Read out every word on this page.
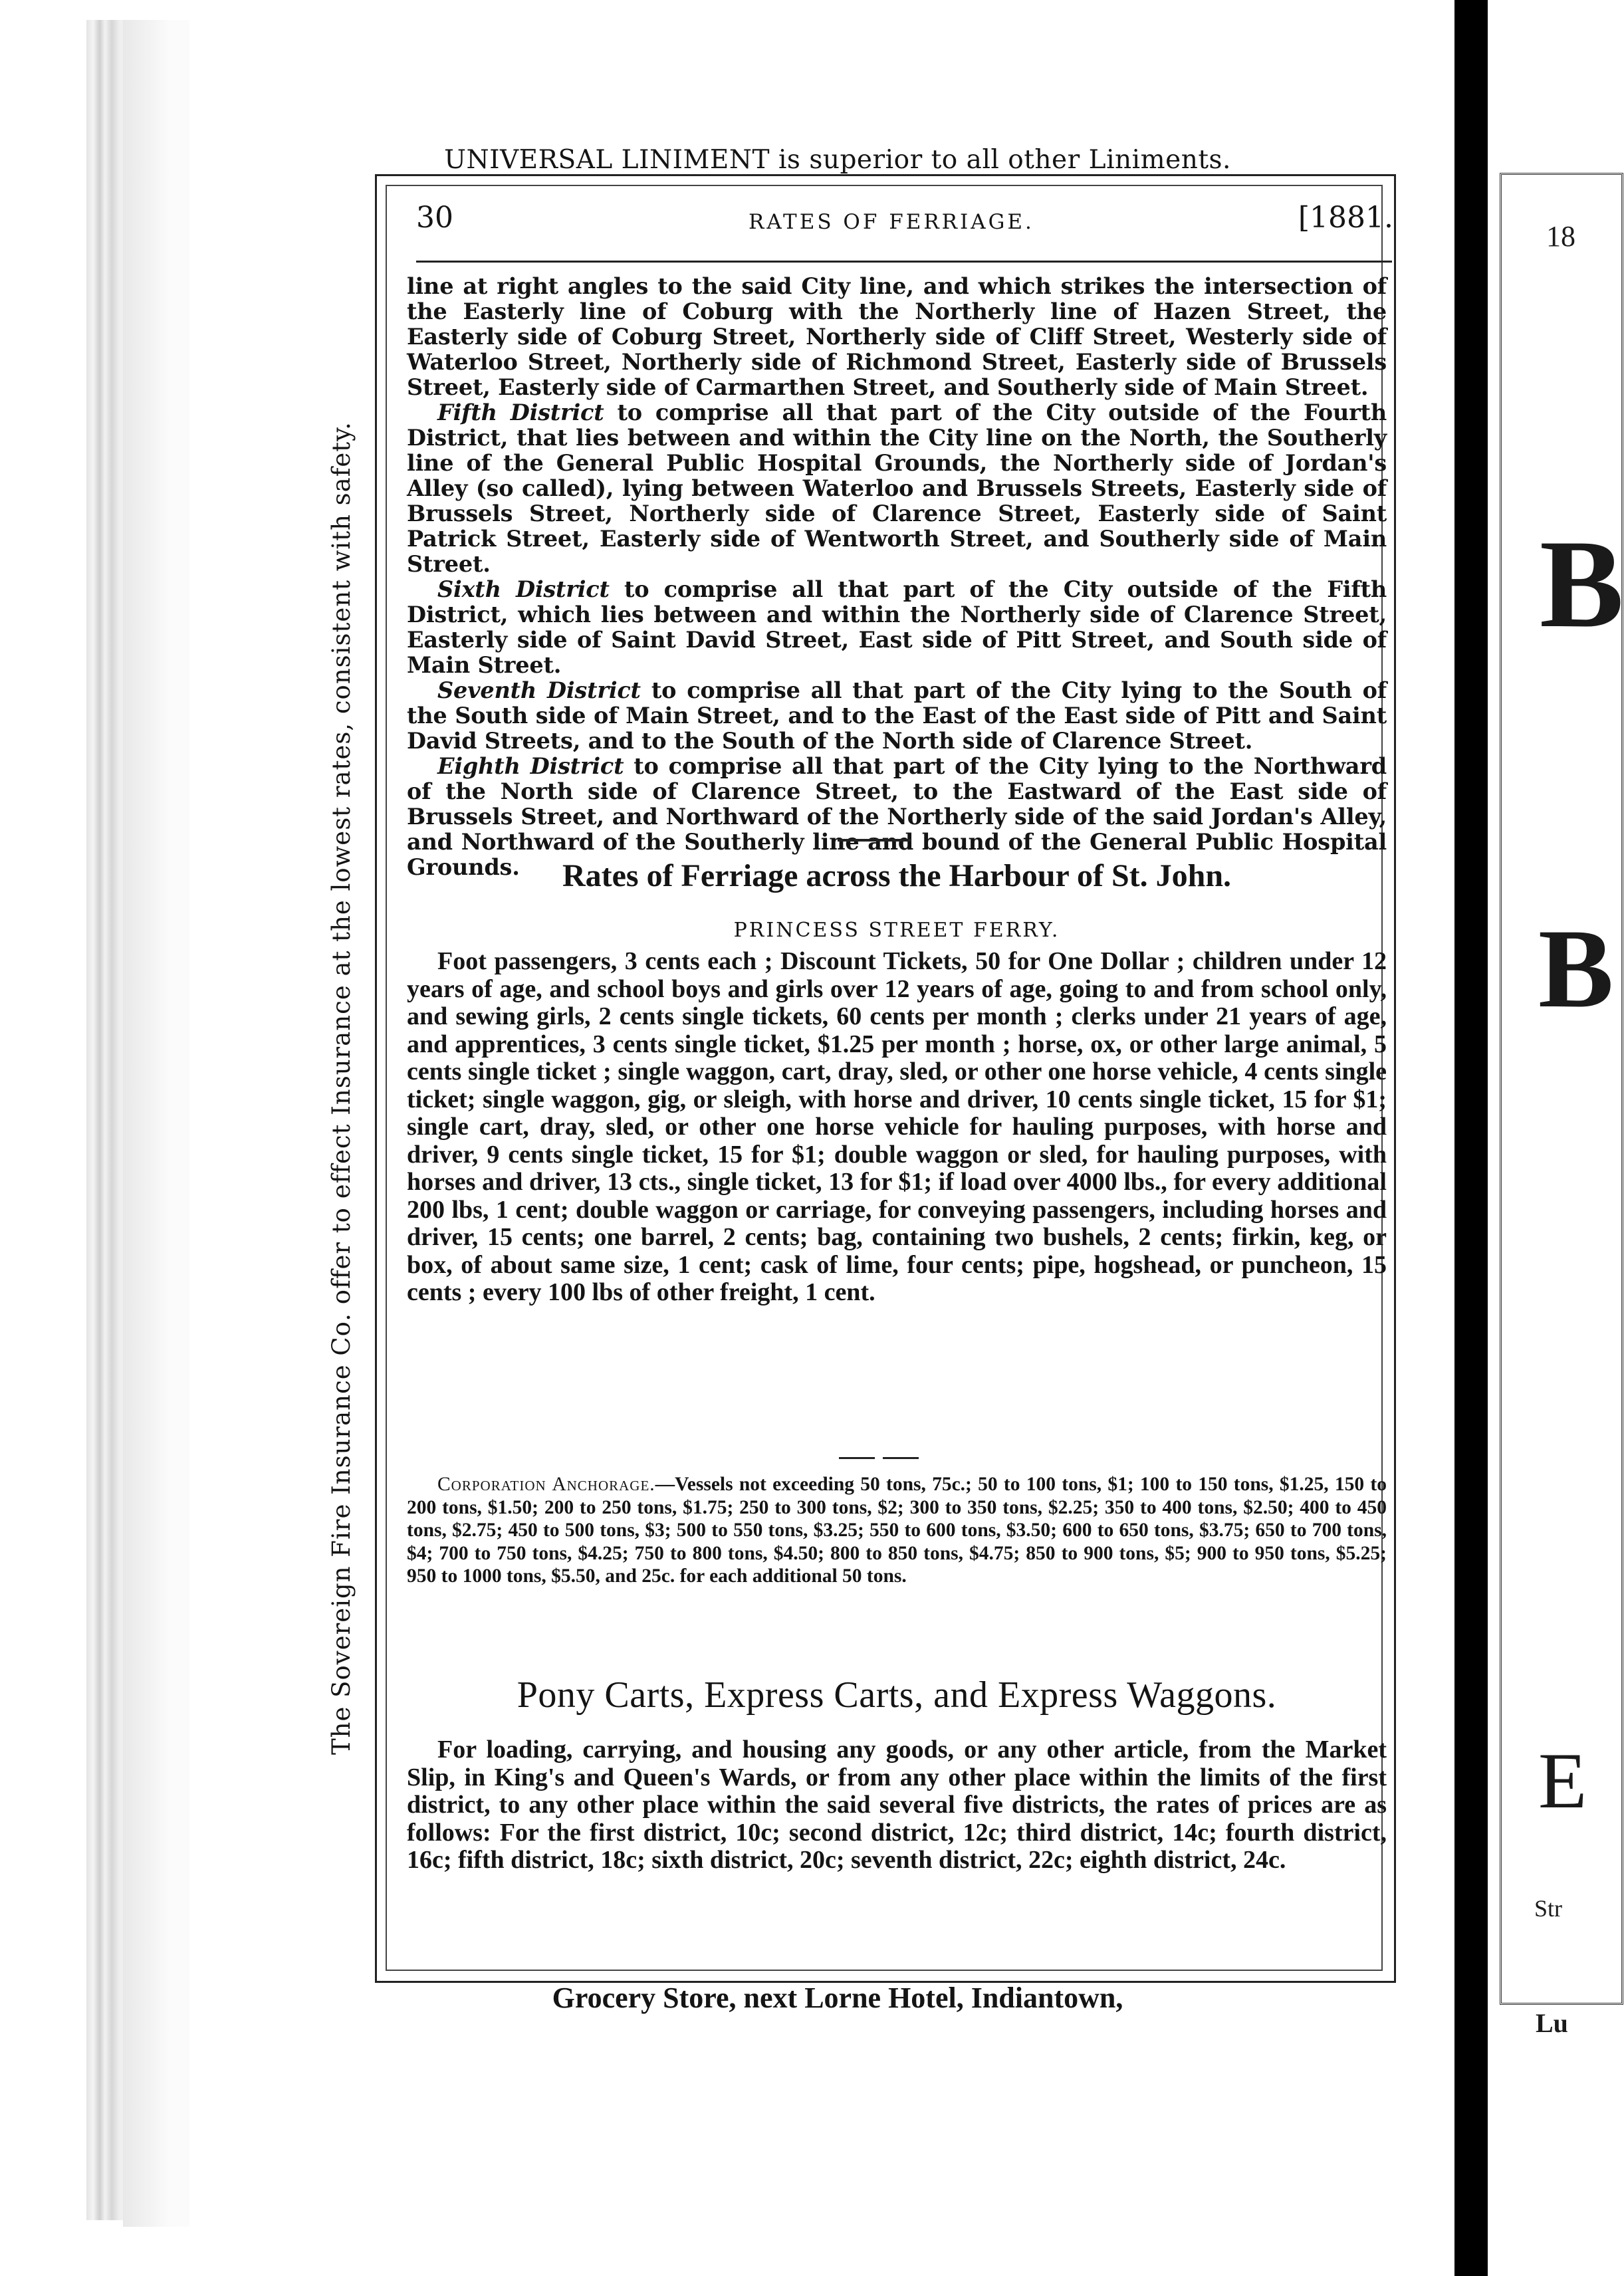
UNIVERSAL LINIMENT is superior to all other Liniments.
The Sovereign Fire Insurance Co. offer to effect Insurance at the lowest rates, consistent with safety.
30	RATES OF FERRIAGE.	[1881.

line at right angles to the said City line, and which strikes the intersection of the Easterly line of Coburg with the Northerly line of Hazen Street, the Easterly side of Coburg Street, Northerly side of Cliff Street, Westerly side of Waterloo Street, Northerly side of Richmond Street, Easterly side of Brussels Street, Easterly side of Carmarthen Street, and Southerly side of Main Street.

Fifth District to comprise all that part of the City outside of the Fourth District, that lies between and within the City line on the North, the Southerly line of the General Public Hospital Grounds, the Northerly side of Jordan's Alley (so called), lying between Waterloo and Brussels Streets, Easterly side of Brussels Street, Northerly side of Clarence Street, Easterly side of Saint Patrick Street, Easterly side of Wentworth Street, and Southerly side of Main Street.

Sixth District to comprise all that part of the City outside of the Fifth District, which lies between and within the Northerly side of Clarence Street, Easterly side of Saint David Street, East side of Pitt Street, and South side of Main Street.

Seventh District to comprise all that part of the City lying to the South of the South side of Main Street, and to the East of the East side of Pitt and Saint David Streets, and to the South of the North side of Clarence Street.

Eighth District to comprise all that part of the City lying to the Northward of the North side of Clarence Street, to the Eastward of the East side of Brussels Street, and Northward of the Northerly side of the said Jordan's Alley, and Northward of the Southerly line and bound of the General Public Hospital Grounds.	Rates of Ferriage across the Harbour of St. John.
PRINCESS STREET FERRY.

Foot passengers, 3 cents each ; Discount Tickets, 50 for One Dollar ; children under 12 years of age, and school boys and girls over 12 years of age, going to and from school only, and sewing girls, 2 cents single tickets, 60 cents per month ; clerks under 21 years of age, and apprentices, 3 cents single ticket, $1.25 per month ; horse, ox, or other large animal, 5 cents single ticket ; single waggon, cart, dray, sled, or other one horse vehicle, 4 cents single ticket; single waggon, gig, or sleigh, with horse and driver, 10 cents single ticket, 15 for $1; single cart, dray, sled, or other one horse vehicle for hauling purposes, with horse and driver, 9 cents single ticket, 15 for $1; double waggon or sled, for hauling purposes, with horses and driver, 13 cts., single ticket, 13 for $1; if load over 4000 lbs., for every additional 200 lbs, 1 cent; double waggon or carriage, for conveying passengers, including horses and driver, 15 cents; one barrel, 2 cents; bag, containing two bushels, 2 cents; firkin, keg, or box, of about same size, 1 cent; cask of lime, four cents; pipe, hogshead, or puncheon, 15 cents ; every 100 lbs of other freight, 1 cent.

Corporation Anchorage.—Vessels not exceeding 50 tons, 75c.; 50 to 100 tons, $1; 100 to 150 tons, $1.25, 150 to 200 tons, $1.50; 200 to 250 tons, $1.75; 250 to 300 tons, $2; 300 to 350 tons, $2.25; 350 to 400 tons, $2.50; 400 to 450 tons, $2.75; 450 to 500 tons, $3; 500 to 550 tons, $3.25; 550 to 600 tons, $3.50; 600 to 650 tons, $3.75; 650 to 700 tons, $4; 700 to 750 tons, $4.25; 750 to 800 tons, $4.50; 800 to 850 tons, $4.75; 850 to 900 tons, $5; 900 to 950 tons, $5.25; 950 to 1000 tons, $5.50, and 25c. for each additional 50 tons.

Pony Carts, Express Carts, and Express Waggons.

For loading, carrying, and housing any goods, or any other article, from the Market Slip, in King's and Queen's Wards, or from any other place within the limits of the first district, to any other place within the said several five districts, the rates of prices are as follows: For the first district, 10c; second district, 12c; third district, 14c; fourth district, 16c; fifth district, 18c; sixth district, 20c; seventh district, 22c; eighth district, 24c.

Grocery Store, next Lorne Hotel, Indiantown,
18
B
B
E
Str
Lu
